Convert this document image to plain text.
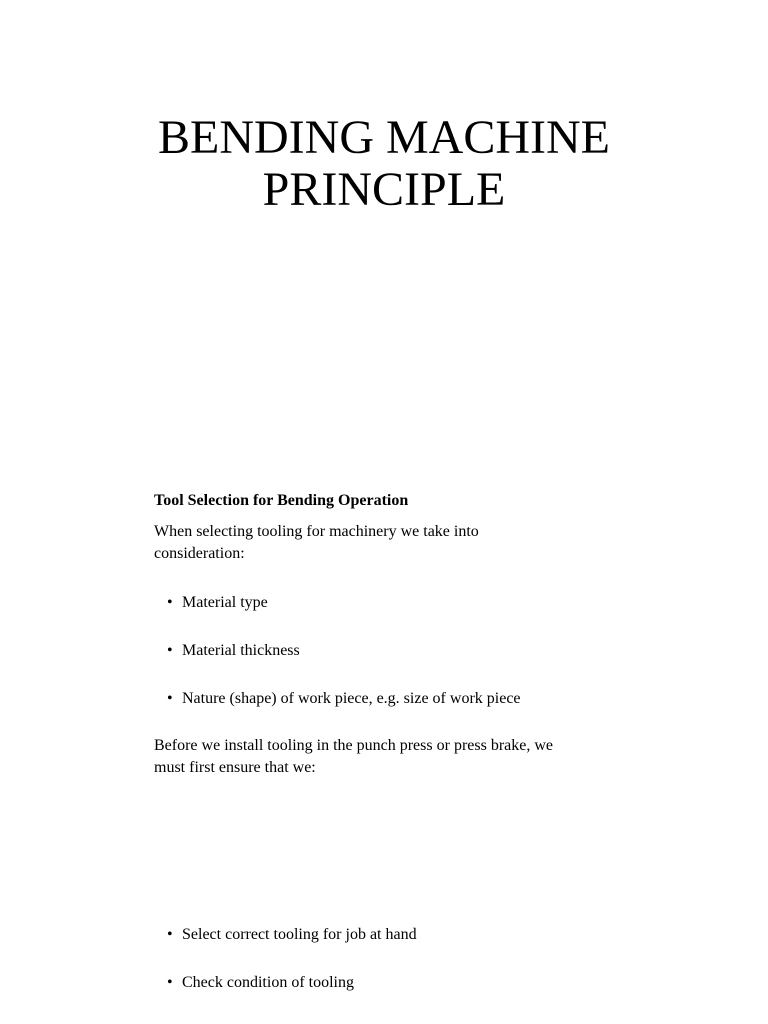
BENDING MACHINE
PRINCIPLE
Tool Selection for Bending Operation
When selecting tooling for machinery we take into
consideration:
• Material type
• Material thickness
• Nature (shape) of work piece, e.g. size of work piece
Before we install tooling in the punch press or press brake, we
must first ensure that we:
• Select correct tooling for job at hand
• Check condition of tooling
